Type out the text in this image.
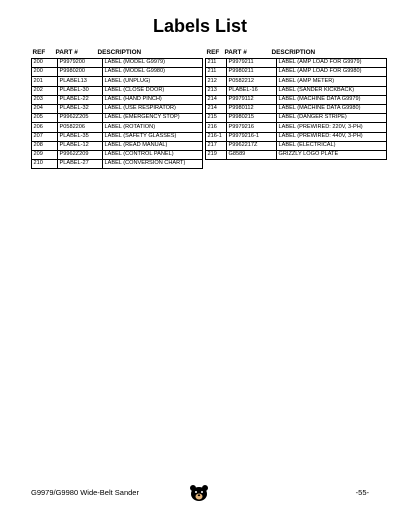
Labels List
REF	PART #	DESCRIPTION
200	P9979200	LABEL (MODEL G9979)
200	P9980200	LABEL (MODEL G9980)
201	PLABEL13	LABEL (UNPLUG)
202	PLABEL-30	LABEL (CLOSE DOOR)
203	PLABEL-22	LABEL (HAND PINCH)
204	PLABEL-32	LABEL (USE RESPIRATOR)
205	P9962Z205	LABEL (EMERGENCY STOP)
206	P0582206	LABEL (ROTATION)
207	PLABEL-35	LABEL (SAFETY GLASSES)
208	PLABEL-12	LABEL (READ MANUAL)
209	P9962Z209	LABEL (CONTROL PANEL)
210	PLABEL-27	LABEL (CONVERSION CHART)
REF PART #	DESCRIPTION
211	P9979211	LABEL (AMP LOAD FOR G9979)
211	P9980211	LABEL (AMP LOAD FOR G9980)
212	P0582212	LABEL (AMP METER)
213	PLABEL-16	LABEL (SANDER KICKBACK)
214	P9979112	LABEL (MACHINE DATA G9979)
214	P9980112	LABEL (MACHINE DATA G9980)
215	P9980215	LABEL (DANGER STRIPE)
216	P9979216	LABEL (PREWIRED: 220V, 3-PH)
216-1	P9979216-1	LABEL (PREWIRED: 440V, 3-PH)
217	P9962217Z	LABEL (ELECTRICAL)
219	G8589	GRIZZLY LOGO PLATE
G9979/G9980 Wide-Belt Sander	-55-
